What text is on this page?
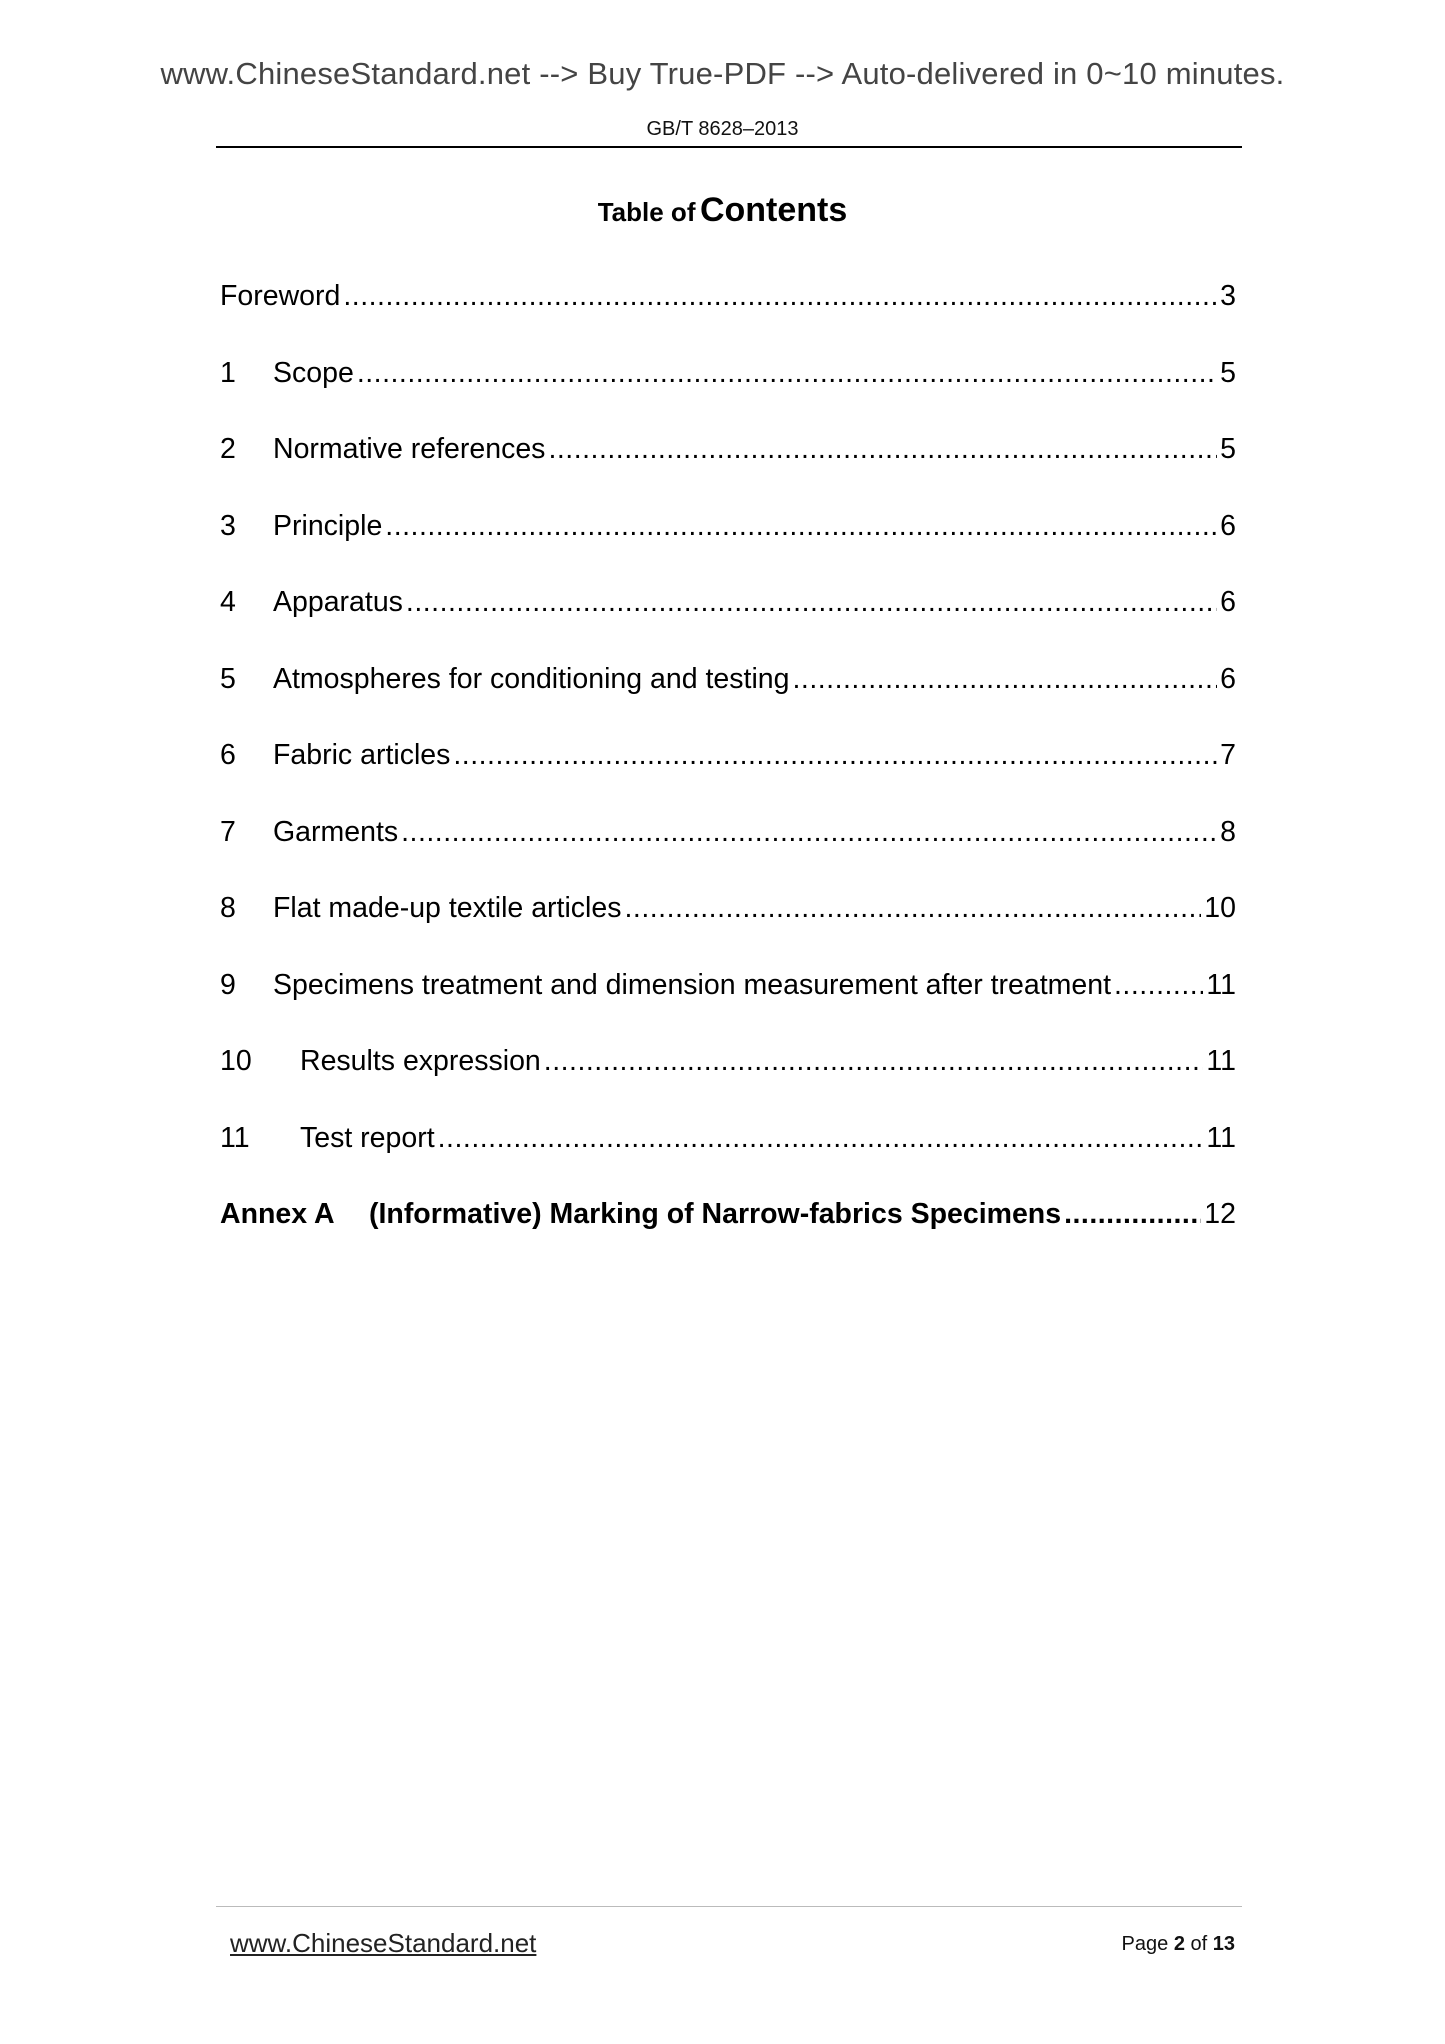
www.ChineseStandard.net --> Buy True-PDF --> Auto-delivered in 0~10 minutes.
GB/T 8628–2013
Table of Contents
Foreword .....	3
1	Scope .....	5
2	Normative references .....	5
3	Principle .....	6
4	Apparatus .....	6
5	Atmospheres for conditioning and testing .....	6
6	Fabric articles .....	7
7	Garments .....	8
8	Flat made-up textile articles .....	10
9	Specimens treatment and dimension measurement after treatment .....	11
10	Results expression .....	11
11	Test report .....	11
Annex A	(Informative) Marking of Narrow-fabrics Specimens .....	12
www.ChineseStandard.net	Page 2 of 13
